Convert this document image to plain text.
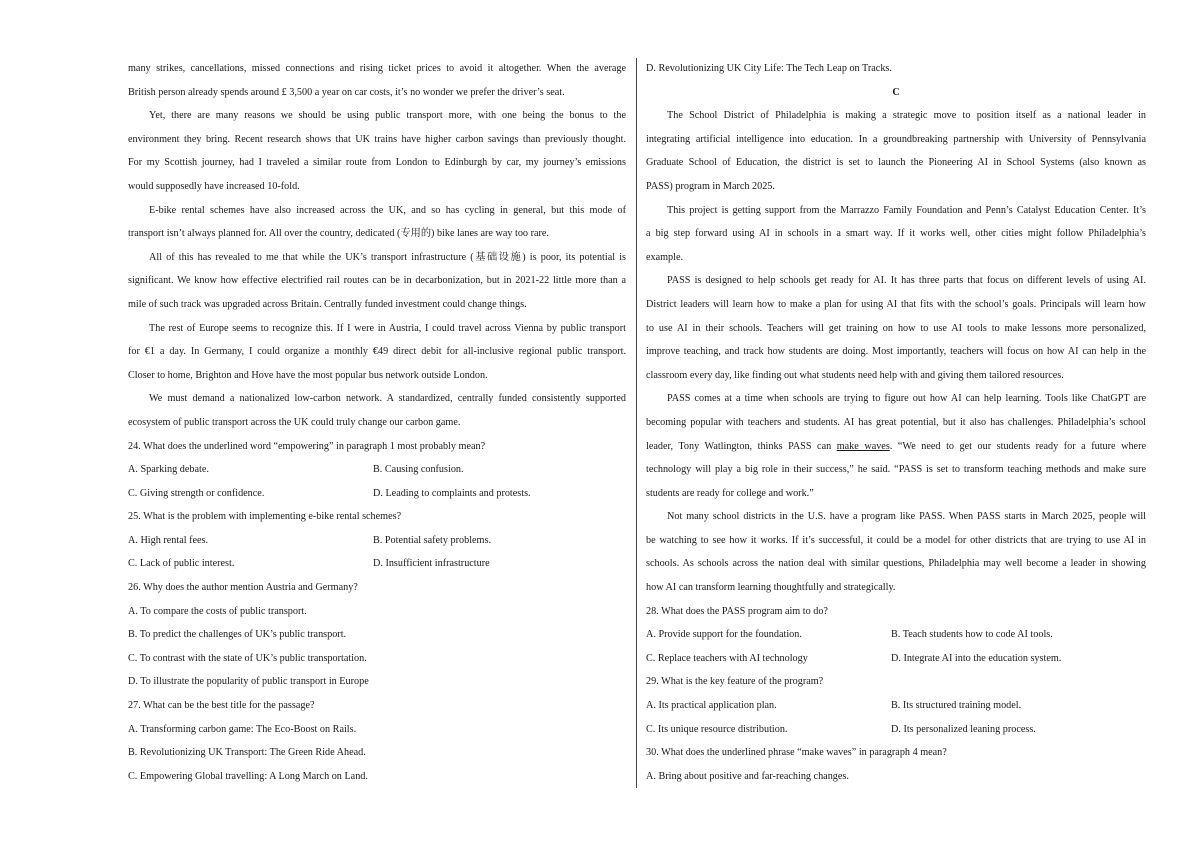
many strikes, cancellations, missed connections and rising ticket prices to avoid it altogether. When the average
British person already spends around £ 3,500 a year on car costs, it’s no wonder we prefer the driver’s seat.
Yet, there are many reasons we should be using public transport more, with one being the bonus to the
environment they bring. Recent research shows that UK trains have higher carbon savings than previously thought.
For my Scottish journey, had I traveled a similar route from London to Edinburgh by car, my journey’s emissions
would supposedly have increased 10-fold.
E-bike rental schemes have also increased across the UK, and so has cycling in general, but this mode of
transport isn’t always planned for. All over the country, dedicated (专用的) bike lanes are way too rare.
All of this has revealed to me that while the UK’s transport infrastructure (基础设施) is poor, its potential is
significant. We know how effective electrified rail routes can be in decarbonization, but in 2021-22 little more than a
mile of such track was upgraded across Britain. Centrally funded investment could change things.
The rest of Europe seems to recognize this. If I were in Austria, I could travel across Vienna by public transport
for €1 a day. In Germany, I could organize a monthly €49 direct debit for all-inclusive regional public transport.
Closer to home, Brighton and Hove have the most popular bus network outside London.
We must demand a nationalized low-carbon network. A standardized, centrally funded consistently supported
ecosystem of public transport across the UK could truly change our carbon game.
24. What does the underlined word “empowering” in paragraph 1 most probably mean?
A. Sparking debate.	B. Causing confusion.
C. Giving strength or confidence.	D. Leading to complaints and protests.
25. What is the problem with implementing e-bike rental schemes?
A. High rental fees.	B. Potential safety problems.
C. Lack of public interest.	D. Insufficient infrastructure
26. Why does the author mention Austria and Germany?
A. To compare the costs of public transport.
B. To predict the challenges of UK’s public transport.
C. To contrast with the state of UK’s public transportation.
D. To illustrate the popularity of public transport in Europe
27. What can be the best title for the passage?
A. Transforming carbon game: The Eco-Boost on Rails.
B. Revolutionizing UK Transport: The Green Ride Ahead.
C. Empowering Global travelling: A Long March on Land.
D. Revolutionizing UK City Life: The Tech Leap on Tracks.
C
The School District of Philadelphia is making a strategic move to position itself as a national leader in
integrating artificial intelligence into education. In a groundbreaking partnership with University of Pennsylvania
Graduate School of Education, the district is set to launch the Pioneering AI in School Systems (also known as
PASS) program in March 2025.
This project is getting support from the Marrazzo Family Foundation and Penn’s Catalyst Education Center. It’s
a big step forward using AI in schools in a smart way. If it works well, other cities might follow Philadelphia’s
example.
PASS is designed to help schools get ready for AI. It has three parts that focus on different levels of using AI.
District leaders will learn how to make a plan for using AI that fits with the school’s goals. Principals will learn how
to use AI in their schools. Teachers will get training on how to use AI tools to make lessons more personalized,
improve teaching, and track how students are doing. Most importantly, teachers will focus on how AI can help in the
classroom every day, like finding out what students need help with and giving them tailored resources.
PASS comes at a time when schools are trying to figure out how AI can help learning. Tools like ChatGPT are
becoming popular with teachers and students. AI has great potential, but it also has challenges. Philadelphia’s school
leader, Tony Watlington, thinks PASS can make waves. “We need to get our students ready for a future where
technology will play a big role in their success,” he said. “PASS is set to transform teaching methods and make sure
students are ready for college and work.”
Not many school districts in the U.S. have a program like PASS. When PASS starts in March 2025, people will
be watching to see how it works. If it’s successful, it could be a model for other districts that are trying to use AI in
schools. As schools across the nation deal with similar questions, Philadelphia may well become a leader in showing
how AI can transform learning thoughtfully and strategically.
28. What does the PASS program aim to do?
A. Provide support for the foundation.	B. Teach students how to code AI tools.
C. Replace teachers with AI technology	D. Integrate AI into the education system.
29. What is the key feature of the program?
A. Its practical application plan.	B. Its structured training model.
C. Its unique resource distribution.	D. Its personalized leaning process.
30. What does the underlined phrase “make waves” in paragraph 4 mean?
A. Bring about positive and far-reaching changes.
